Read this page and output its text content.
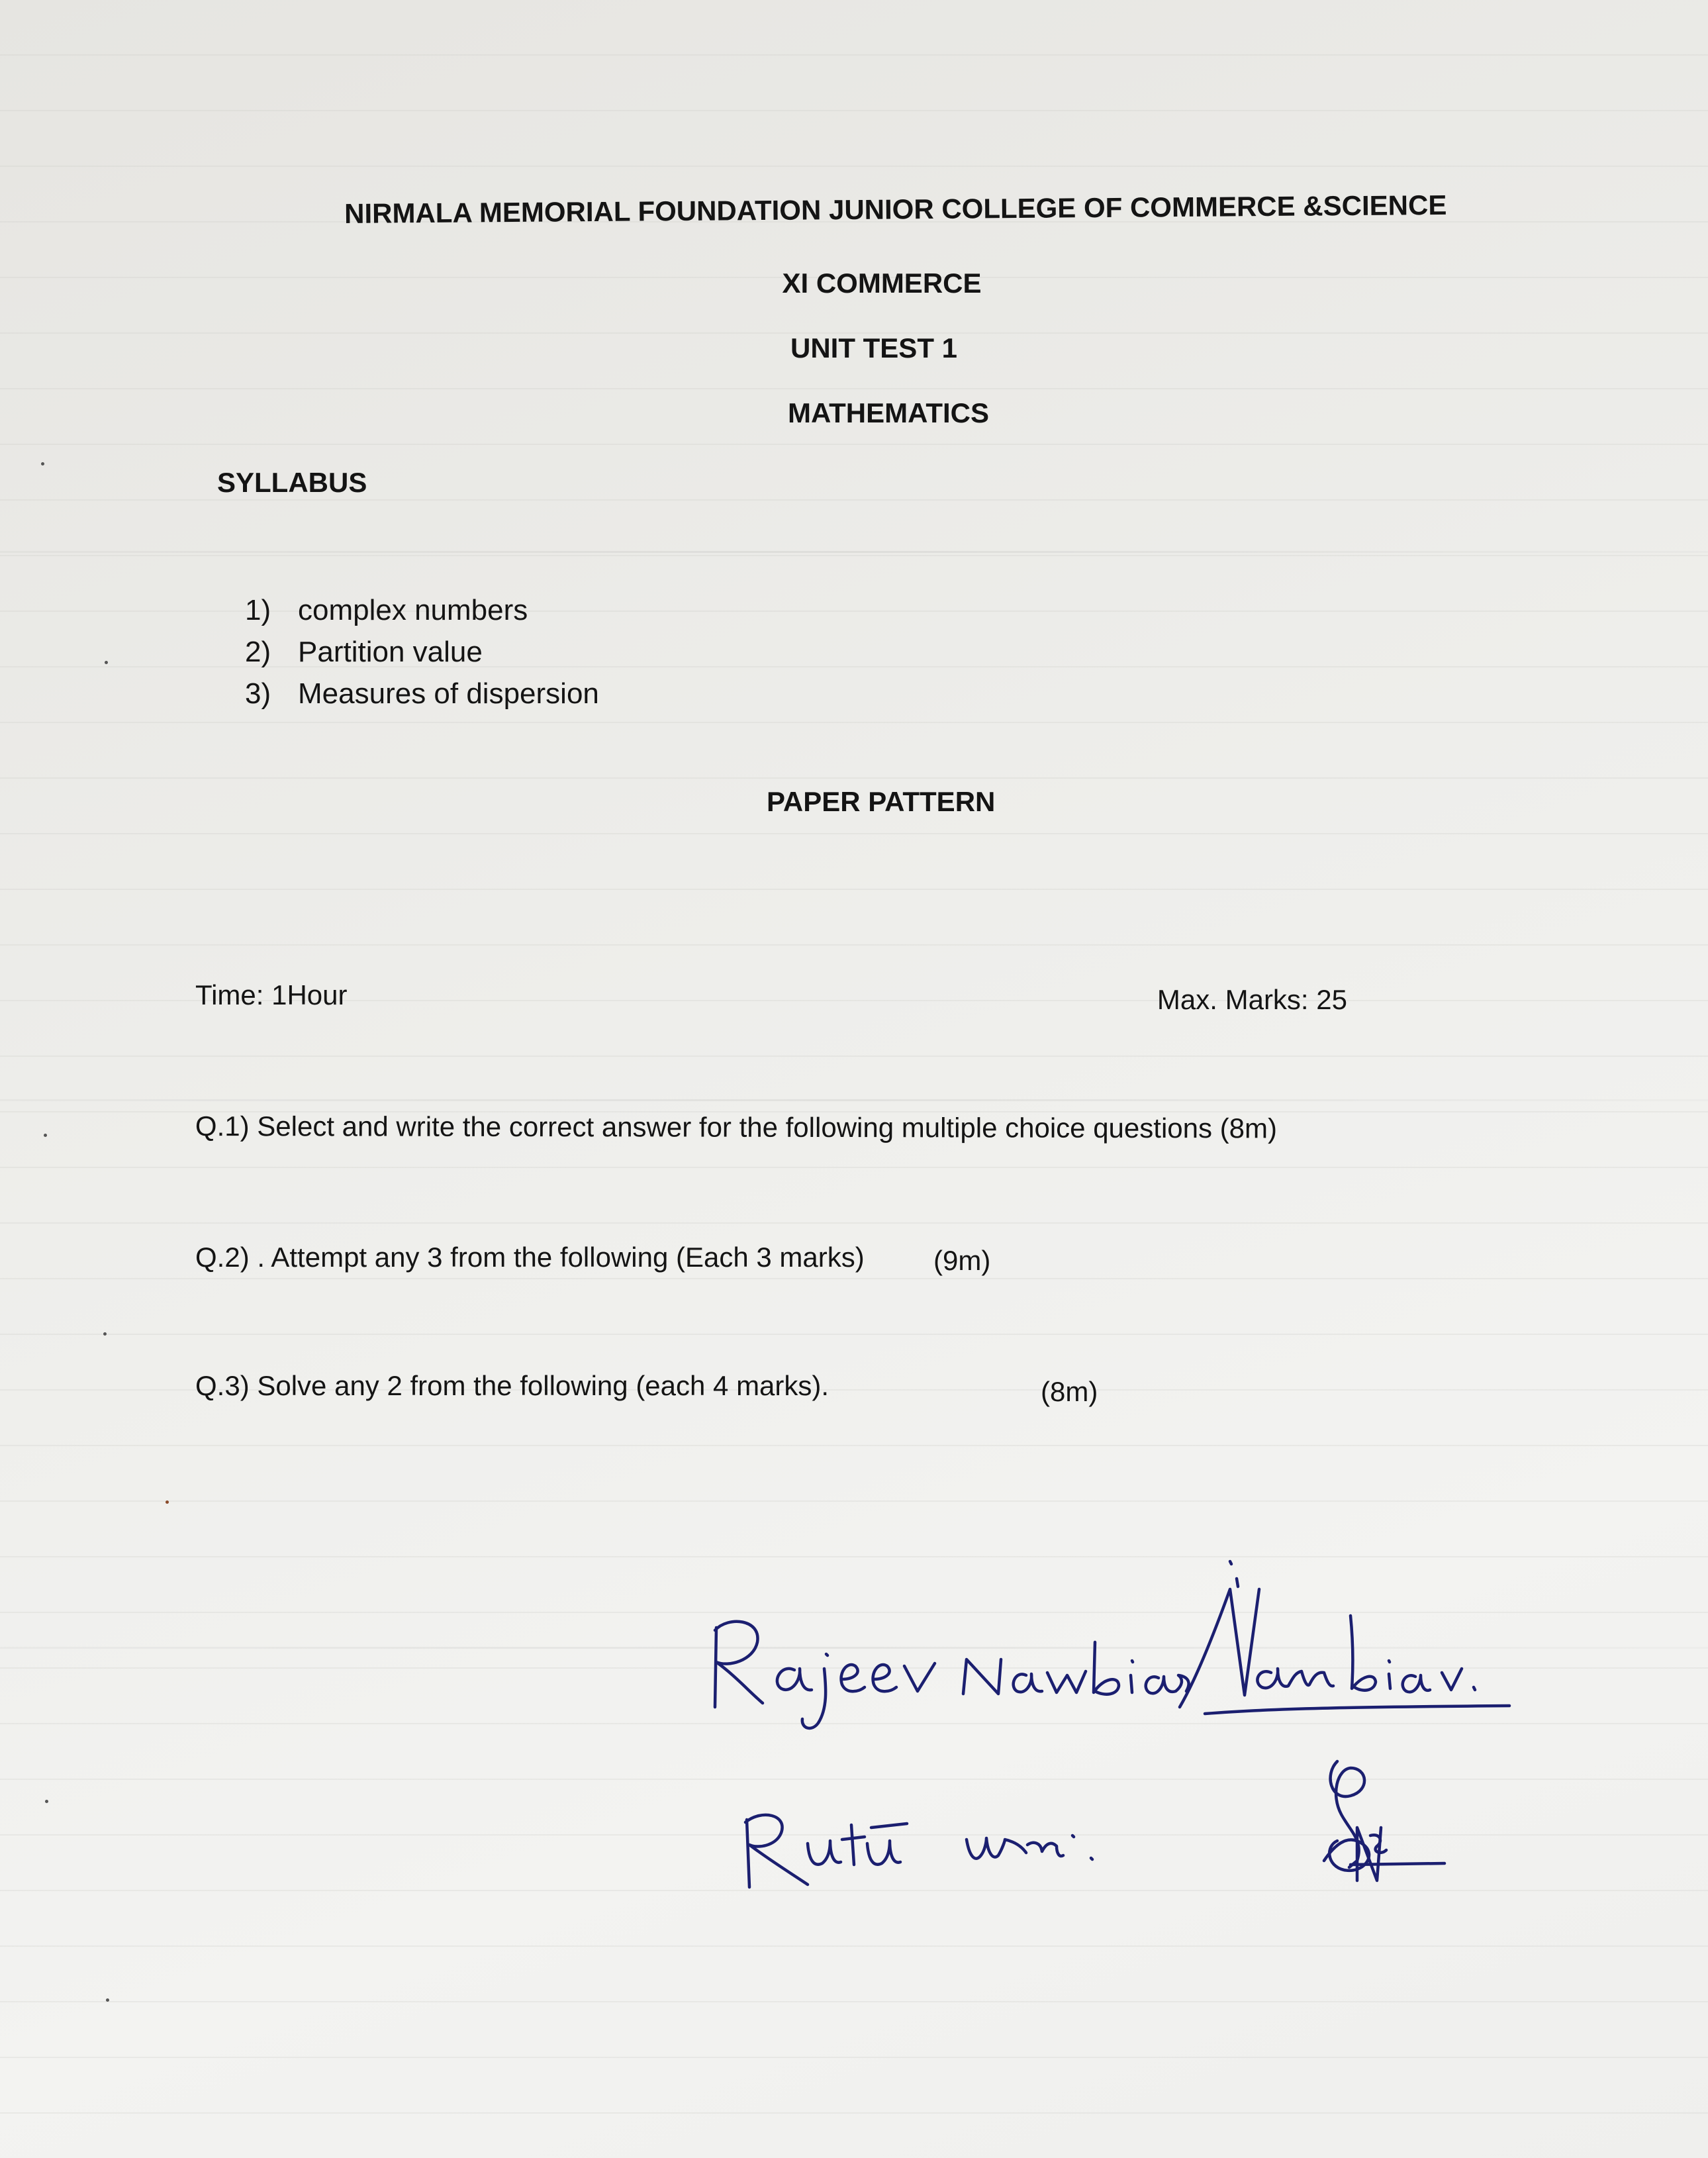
NIRMALA MEMORIAL FOUNDATION JUNIOR COLLEGE OF COMMERCE &SCIENCE
XI COMMERCE
UNIT TEST 1
MATHEMATICS
SYLLABUS
1) complex numbers
2) Partition value
3) Measures of dispersion
PAPER PATTERN
Time: 1Hour	Max. Marks: 25
Q.1) Select and write the correct answer for the following multiple choice questions (8m)
Q.2) . Attempt any 3 from the following (Each 3 marks) (9m)
Q.3) Solve any 2 from the following (each 4 marks).	(8m)
